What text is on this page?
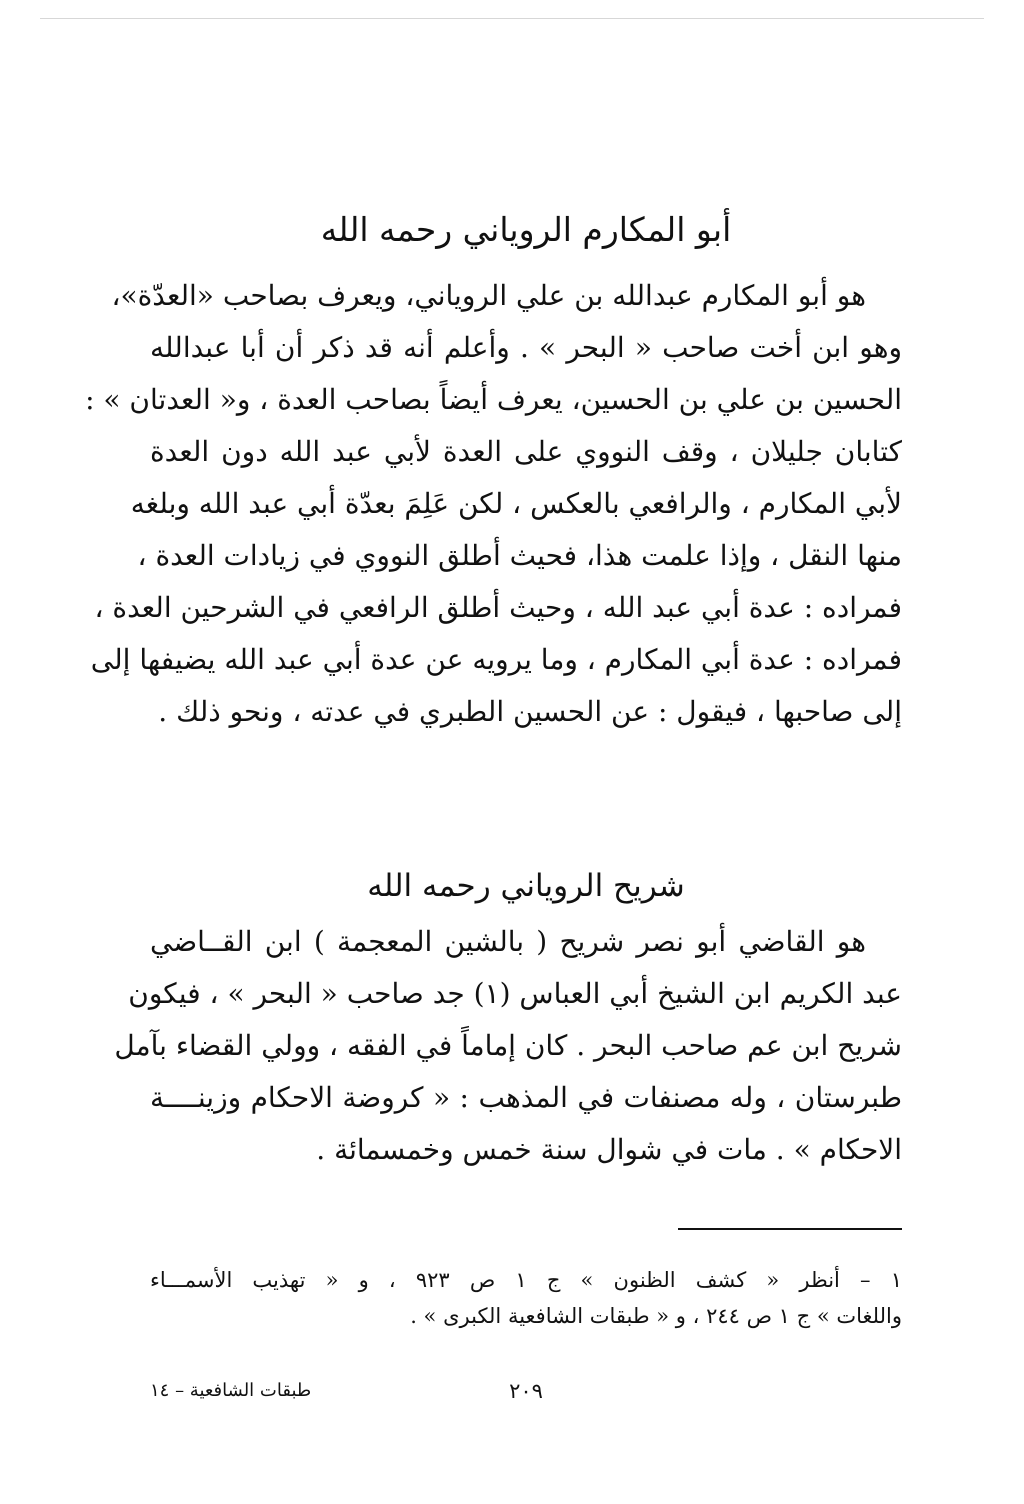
أبو المكارم الروياني رحمه الله
هو أبو المكارم عبدالله بن علي الروياني، ويعرف بصاحب «العدّة»،
وهو ابن أخت صاحب « البحر » . وأعلم أنه قد ذكر أن أبا عبدالله
الحسين بن علي بن الحسين، يعرف أيضاً بصاحب العدة ، و« العدتان » :
كتابان جليلان ، وقف النووي على العدة لأبي عبد الله دون العدة
لأبي المكارم ، والرافعي بالعكس ، لكن عَلِمَ بعدّة أبي عبد الله وبلغه
منها النقل ، وإذا علمت هذا، فحيث أطلق النووي في زيادات العدة ،
فمراده : عدة أبي عبد الله ، وحيث أطلق الرافعي في الشرحين العدة ،
فمراده : عدة أبي المكارم ، وما يرويه عن عدة أبي عبد الله يضيفها إلى
إلى صاحبها ، فيقول : عن الحسين الطبري في عدته ، ونحو ذلك .
شريح الروياني رحمه الله
هو القاضي أبو نصر شريح ( بالشين المعجمة ) ابن القــاضي
عبد الكريم ابن الشيخ أبي العباس (١) جد صاحب « البحر » ، فيكون
شريح ابن عم صاحب البحر . كان إماماً في الفقه ، وولي القضاء بآمل
طبرستان ، وله مصنفات في المذهب : « كروضة الاحكام وزينــــة
الاحكام » . مات في شوال سنة خمس وخمسمائة .
١ – أنظر « كشف الظنون » ج ١ ص ٩٢٣ ، و « تهذيب الأسمـــاء
واللغات » ج ١ ص ٢٤٤ ، و « طبقات الشافعية الكبرى » .
٢٠٩
طبقات الشافعية – ١٤
